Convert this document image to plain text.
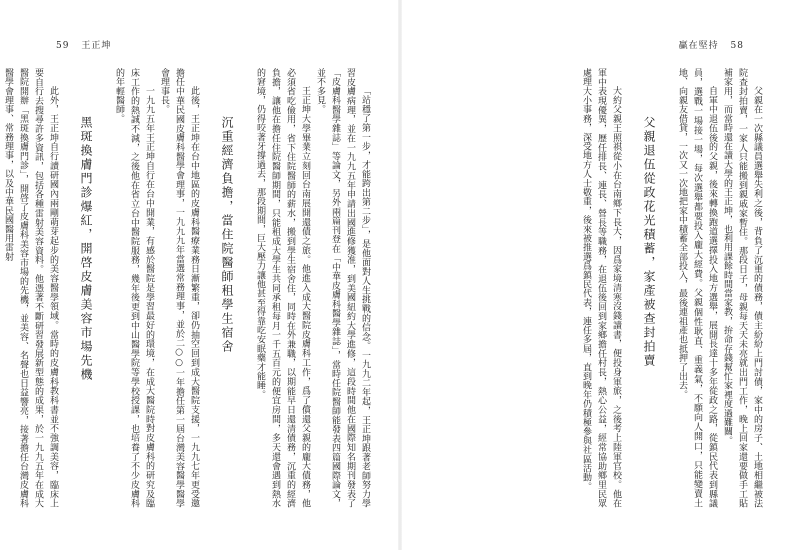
59 王正坤

「站穩了第一步，才能跨出第二步」，是他面對人生挑戰的信念。一九九二年起，王正坤跟著老師努力學習皮膚病理，並在一九九五年申請出國進修獲准，到美國紐約大學進修，這段時間他在國際知名期刊發表了「皮膚科醫學雜誌」等論文，另外兩篇刊登在「中華皮膚科醫學雜誌」，當時任院醫師能發表四篇國際論文，並不多見。

王正坤大學畢業立刻回台南展開還債之旅。他進入成大醫院皮膚科工作，爲了償還父親的龐大債務，他必須省吃儉用，省下住院醫師的薪水，搬到學生宿舍住，同時在外兼職，以期能早日還清債務，沉重的經濟負擔，讓他在擔任住院醫師期間，只能租成大學生共同承租每月一千五百元的便宜房間，多天還會遇到熱水的窘境，仍得咬著牙撐過去，那段期間，巨大壓力讓他甚至得靠吃安眠藥才能睡。

沉重經濟負擔，當住院醫師租學生宿舍

此後，王正坤在台中地區的皮膚科醫療業務日漸繁重，卻仍抽空回到成大醫院支援，一九九七年更受邀擔任中華民國皮膚科醫學會理事，一九九九年當選常務理事，並於二○○一年擔任第一屆台灣美容醫學醫學會理事長。

一九九五年王正坤自行在台中開業，有感於醫院是學習最好的環境，在成大醫院時對皮膚科的研究及臨床工作的熱誠不減，之後他在省立台中醫院服務，幾年後更到中山醫學院等學校授課，也培養了不少皮膚科的年輕醫師。

黑斑換膚門診爆紅，開啓皮膚美容市場先機

此外，王正坤自行讀研國內兩剛萌芽起步的美容醫學領域。當時的皮膚科教科書並不強調美容，臨床上要自行去搜尋許多資訊，包括各種雷射美容資料。他憑著不斷研習發展新型態的成果，於一九九五年在成大醫院開辦「黑斑換膚門診」，開啓了皮膚科美容市場的先機，並美容、名聲也日益響亮，接著擔任台灣皮膚科醫學會理事、常務理事，以及中華民國醫用雷射

贏在堅持 58

父親在一次縣議員選舉失利之後，背負了沉重的債務，債主紛紛上門討債，家中的房子、土地相繼被法院查封拍賣，一家人只能搬到親戚家暫住。那段日子，母親每天天未亮就出門工作，晚上回家還要做手工貼補家用，而當時還在讀大學的王正坤，也利用課餘時間當家教，拚命存錢幫忙家裡度過難關。

自軍中退伍後的父親，後來轉換跑道選擇投入地方選舉，展開長達十多年從政之路，從鎮民代表到縣議員，選戰一場接一場，每次選舉都要投入龐大經費。父親個性耿直、重義氣，不願向人開口，只能變賣土地、向親友借貸，一次又一次地把家中積蓄全部投入，最後連祖產也抵押了出去。

父親退伍從政花光積蓄，家產被查封拍賣

大約父親王照祺從小在台南鄉下長大，因爲家境清寒沒錢讀書，便投身軍旅，之後考上陸軍官校。他在軍中表現優異，歷任排長、連長、營長等職務，在退伍後回到家鄉擔任村長，熱心公益，經常協助鄉里民眾處理大小事務，深受地方人士敬重，後來被推選爲鎮民代表，連任多屆，直到晚年仍積極參與社區活動。
